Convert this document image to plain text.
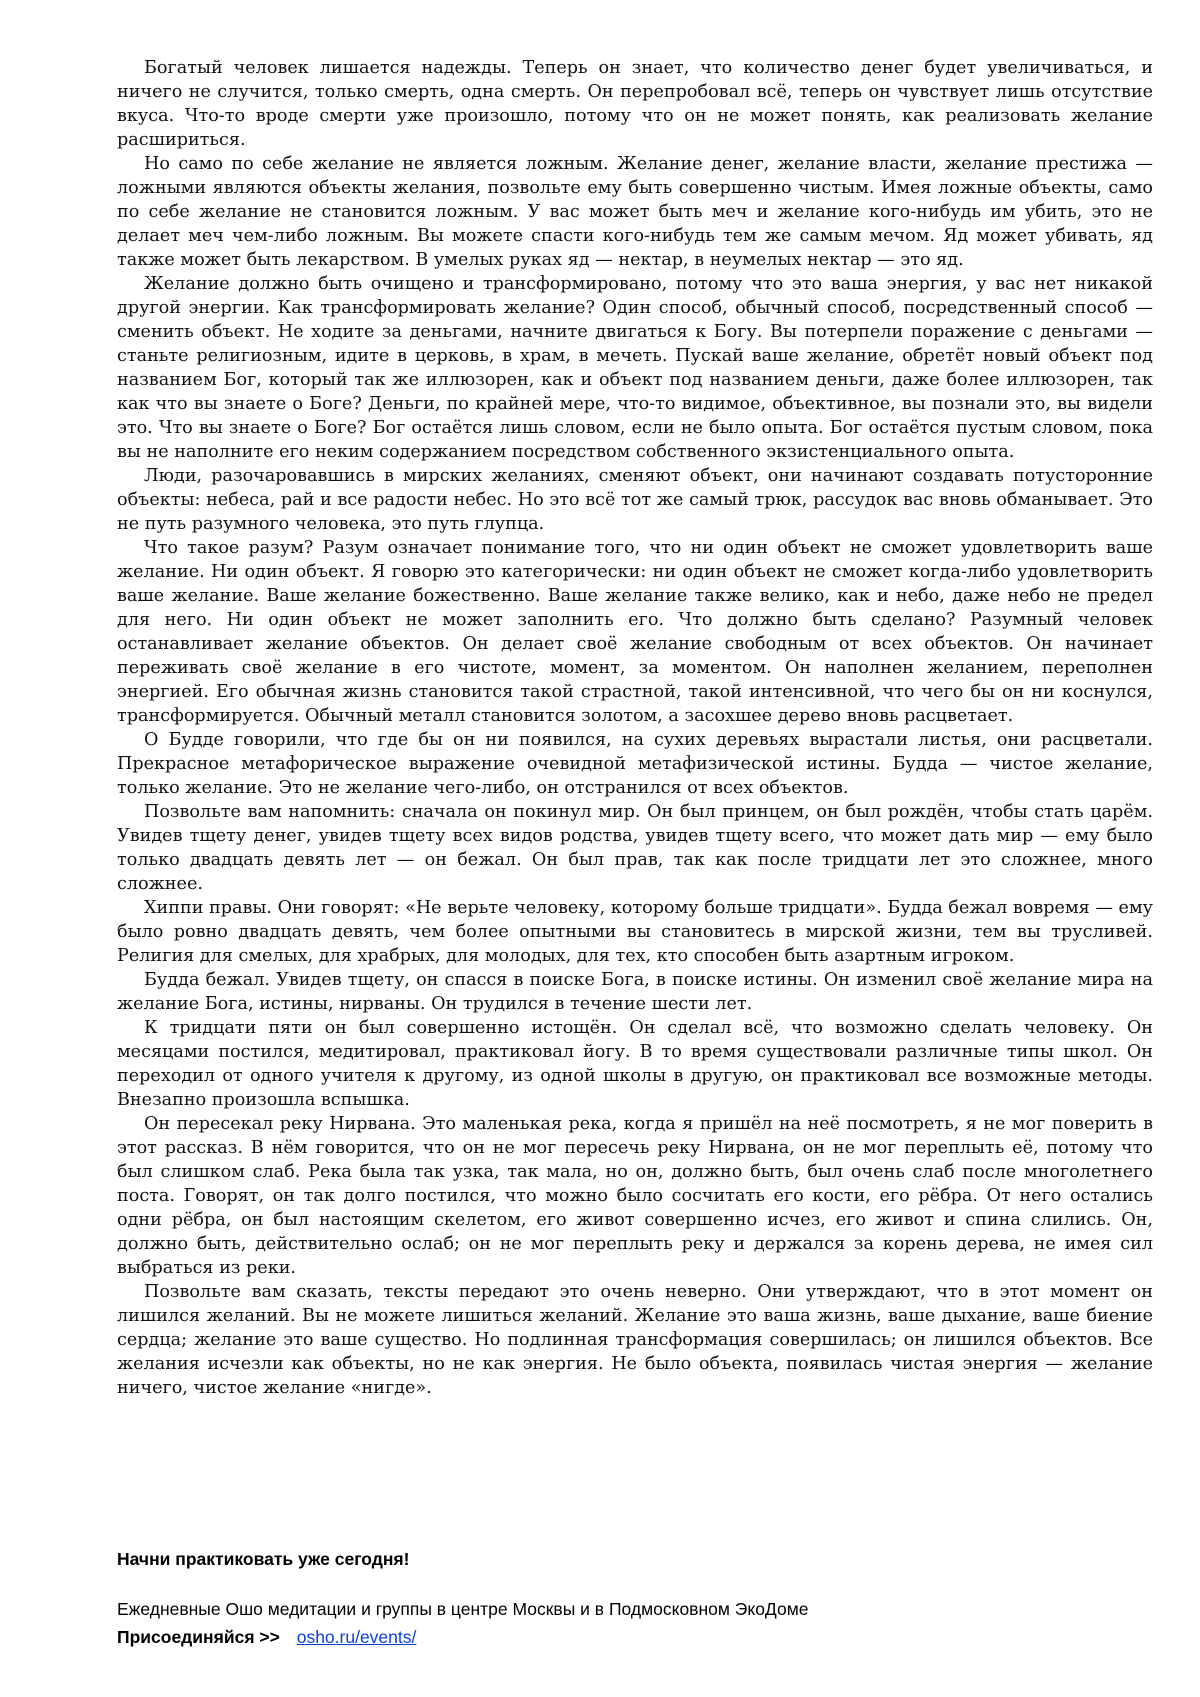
Богатый человек лишается надежды. Теперь он знает, что количество денег будет увеличиваться, и ничего не случится, только смерть, одна смерть. Он перепробовал всё, теперь он чувствует лишь отсутствие вкуса. Что-то вроде смерти уже произошло, потому что он не может понять, как реализовать желание расшириться.

Но само по себе желание не является ложным. Желание денег, желание власти, желание престижа — ложными являются объекты желания, позвольте ему быть совершенно чистым. Имея ложные объекты, само по себе желание не становится ложным. У вас может быть меч и желание кого-нибудь им убить, это не делает меч чем-либо ложным. Вы можете спасти кого-нибудь тем же самым мечом. Яд может убивать, яд также может быть лекарством. В умелых руках яд — нектар, в неумелых нектар — это яд.

Желание должно быть очищено и трансформировано, потому что это ваша энергия, у вас нет никакой другой энергии. Как трансформировать желание? Один способ, обычный способ, посредственный способ — сменить объект. Не ходите за деньгами, начните двигаться к Богу. Вы потерпели поражение с деньгами — станьте религиозным, идите в церковь, в храм, в мечеть. Пускай ваше желание, обретёт новый объект под названием Бог, который так же иллюзорен, как и объект под названием деньги, даже более иллюзорен, так как что вы знаете о Боге? Деньги, по крайней мере, что-то видимое, объективное, вы познали это, вы видели это. Что вы знаете о Боге? Бог остаётся лишь словом, если не было опыта. Бог остаётся пустым словом, пока вы не наполните его неким содержанием посредством собственного экзистенциального опыта.

Люди, разочаровавшись в мирских желаниях, сменяют объект, они начинают создавать потусторонние объекты: небеса, рай и все радости небес. Но это всё тот же самый трюк, рассудок вас вновь обманывает. Это не путь разумного человека, это путь глупца.

Что такое разум? Разум означает понимание того, что ни один объект не сможет удовлетворить ваше желание. Ни один объект. Я говорю это категорически: ни один объект не сможет когда-либо удовлетворить ваше желание. Ваше желание божественно. Ваше желание также велико, как и небо, даже небо не предел для него. Ни один объект не может заполнить его. Что должно быть сделано? Разумный человек останавливает желание объектов. Он делает своё желание свободным от всех объектов. Он начинает переживать своё желание в его чистоте, момент, за моментом. Он наполнен желанием, переполнен энергией. Его обычная жизнь становится такой страстной, такой интенсивной, что чего бы он ни коснулся, трансформируется. Обычный металл становится золотом, а засохшее дерево вновь расцветает.

О Будде говорили, что где бы он ни появился, на сухих деревьях вырастали листья, они расцветали. Прекрасное метафорическое выражение очевидной метафизической истины. Будда — чистое желание, только желание. Это не желание чего-либо, он отстранился от всех объектов.

Позвольте вам напомнить: сначала он покинул мир. Он был принцем, он был рождён, чтобы стать царём. Увидев тщету денег, увидев тщету всех видов родства, увидев тщету всего, что может дать мир — ему было только двадцать девять лет — он бежал. Он был прав, так как после тридцати лет это сложнее, много сложнее.

Хиппи правы. Они говорят: «Не верьте человеку, которому больше тридцати». Будда бежал вовремя — ему было ровно двадцать девять, чем более опытными вы становитесь в мирской жизни, тем вы трусливей. Религия для смелых, для храбрых, для молодых, для тех, кто способен быть азартным игроком.

Будда бежал. Увидев тщету, он спасся в поиске Бога, в поиске истины. Он изменил своё желание мира на желание Бога, истины, нирваны. Он трудился в течение шести лет.

К тридцати пяти он был совершенно истощён. Он сделал всё, что возможно сделать человеку. Он месяцами постился, медитировал, практиковал йогу. В то время существовали различные типы школ. Он переходил от одного учителя к другому, из одной школы в другую, он практиковал все возможные методы. Внезапно произошла вспышка.

Он пересекал реку Нирвана. Это маленькая река, когда я пришёл на неё посмотреть, я не мог поверить в этот рассказ. В нём говорится, что он не мог пересечь реку Нирвана, он не мог переплыть её, потому что был слишком слаб. Река была так узка, так мала, но он, должно быть, был очень слаб после многолетнего поста. Говорят, он так долго постился, что можно было сосчитать его кости, его рёбра. От него остались одни рёбра, он был настоящим скелетом, его живот совершенно исчез, его живот и спина слились. Он, должно быть, действительно ослаб; он не мог переплыть реку и держался за корень дерева, не имея сил выбраться из реки.

Позвольте вам сказать, тексты передают это очень неверно. Они утверждают, что в этот момент он лишился желаний. Вы не можете лишиться желаний. Желание это ваша жизнь, ваше дыхание, ваше биение сердца; желание это ваше существо. Но подлинная трансформация совершилась; он лишился объектов. Все желания исчезли как объекты, но не как энергия. Не было объекта, появилась чистая энергия — желание ничего, чистое желание «нигде».

Начни практиковать уже сегодня!

Ежедневные Ошо медитации и группы в центре Москвы и в Подмосковном ЭкоДоме

Присоединяйся >> osho.ru/events/
